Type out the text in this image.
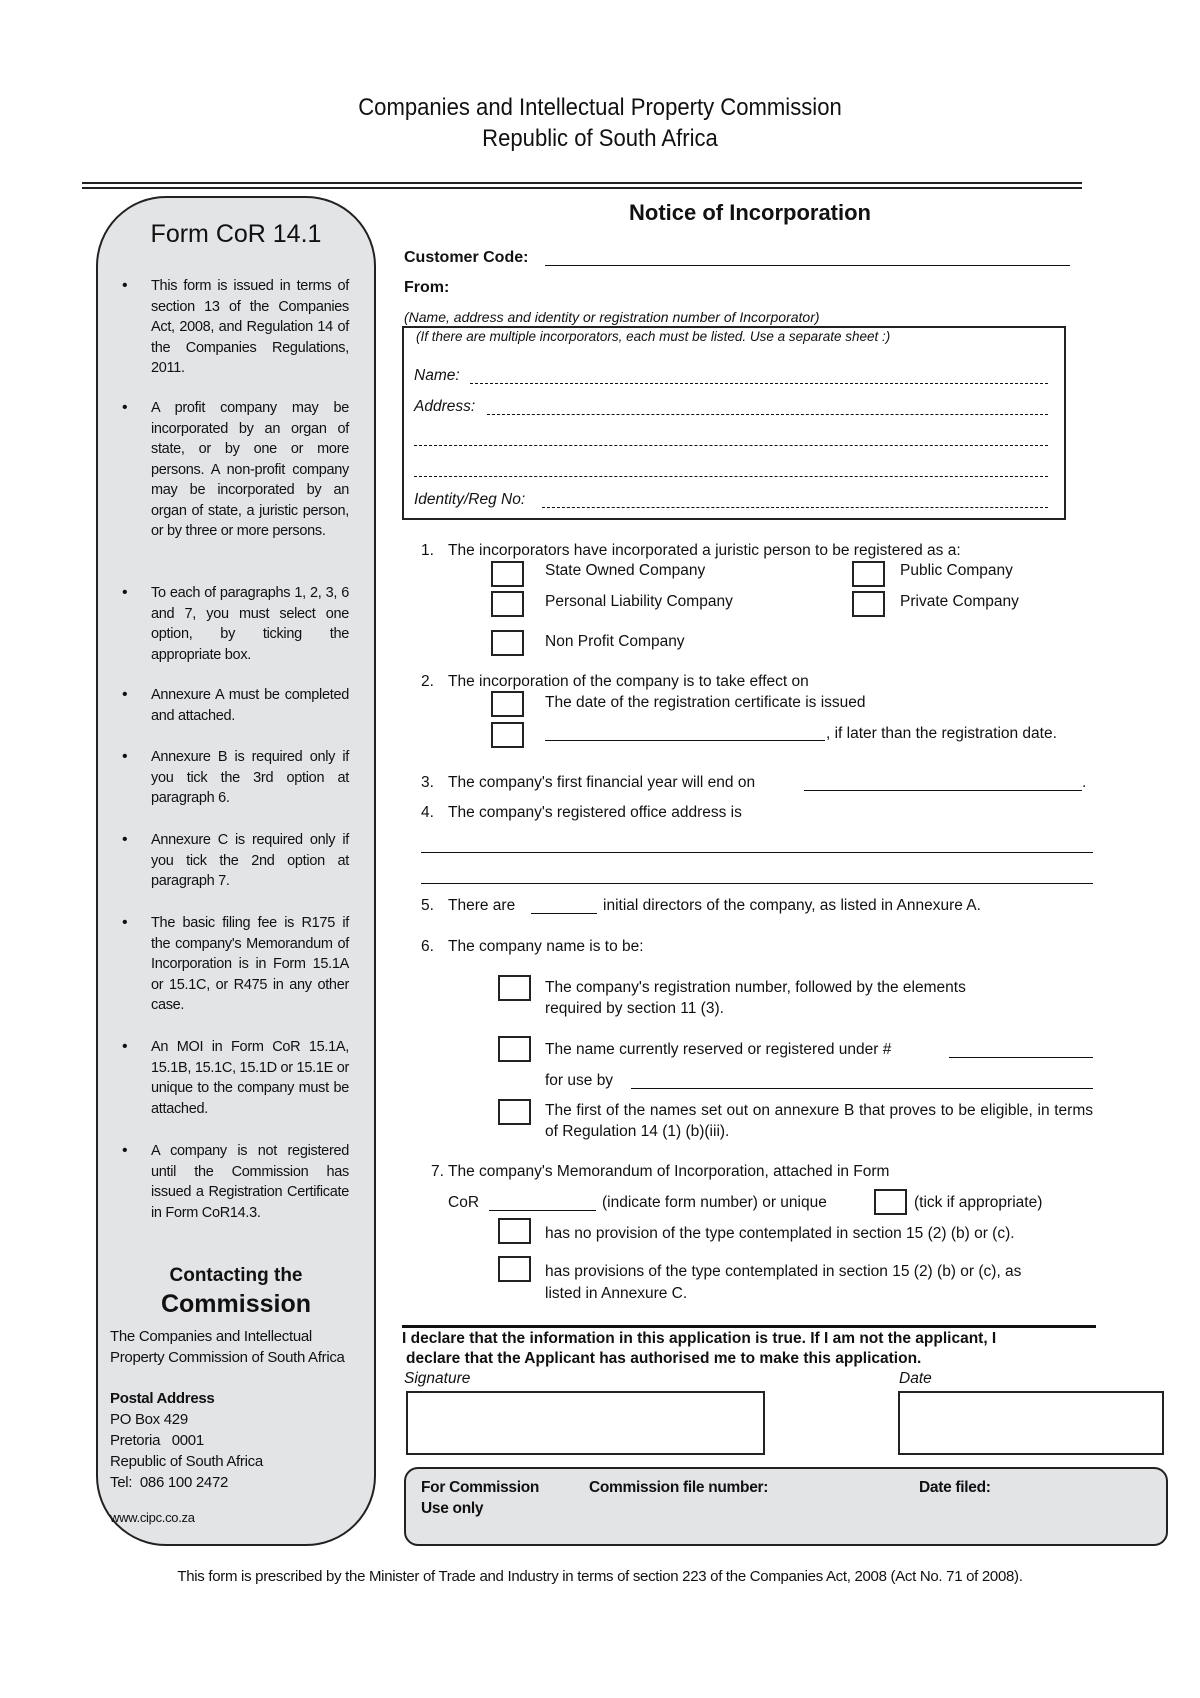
Companies and Intellectual Property Commission
Republic of South Africa
Form CoR 14.1
• This form is issued in terms of section 13 of the Companies Act, 2008, and Regulation 14 of the Companies Regulations, 2011.
• A profit company may be incorporated by an organ of state, or by one or more persons. A non-profit company may be incorporated by an organ of state, a juristic person, or by three or more persons.
• To each of paragraphs 1, 2, 3, 6 and 7, you must select one option, by ticking the appropriate box.
• Annexure A must be completed and attached.
• Annexure B is required only if you tick the 3rd option at paragraph 6.
• Annexure C is required only if you tick the 2nd option at paragraph 7.
• The basic filing fee is R175 if the company's Memorandum of Incorporation is in Form 15.1A or 15.1C, or R475 in any other case.
• An MOI in Form CoR 15.1A, 15.1B, 15.1C, 15.1D or 15.1E or unique to the company must be attached.
• A company is not registered until the Commission has issued a Registration Certificate in Form CoR14.3.
Contacting the
Commission
The Companies and Intellectual
Property Commission of South Africa
Postal Address
PO Box 429
Pretoria   0001
Republic of South Africa
Tel:  086 100 2472
www.cipc.co.za
Notice of Incorporation
Customer Code:
From:
(Name, address and identity or registration number of Incorporator)
(If there are multiple incorporators, each must be listed. Use a separate sheet :)
Name:
Address:
Identity/Reg No:
1. The incorporators have incorporated a juristic person to be registered as a:
State Owned Company	Public Company
Personal Liability Company	Private Company
Non Profit Company
2. The incorporation of the company is to take effect on
The date of the registration certificate is issued
, if later than the registration date.
3. The company's first financial year will end on	.
4. The company's registered office address is
5. There are	initial directors of the company, as listed in Annexure A.
6. The company name is to be:
The company's registration number, followed by the elements
required by section 11 (3).
The name currently reserved or registered under #
for use by
The first of the names set out on annexure B that proves to be eligible, in terms of Regulation 14 (1) (b)(iii).
7. The company's Memorandum of Incorporation, attached in Form
CoR	(indicate form number) or unique	(tick if appropriate)
has no provision of the type contemplated in section 15 (2) (b) or (c).
has provisions of the type contemplated in section 15 (2) (b) or (c), as
listed in Annexure C.
I declare that the information in this application is true. If I am not the applicant, I
declare that the Applicant has authorised me to make this application.
Signature	Date
For Commission
Use only
Commission file number:	Date filed:
This form is prescribed by the Minister of Trade and Industry in terms of section 223 of the Companies Act, 2008 (Act No. 71 of 2008).
